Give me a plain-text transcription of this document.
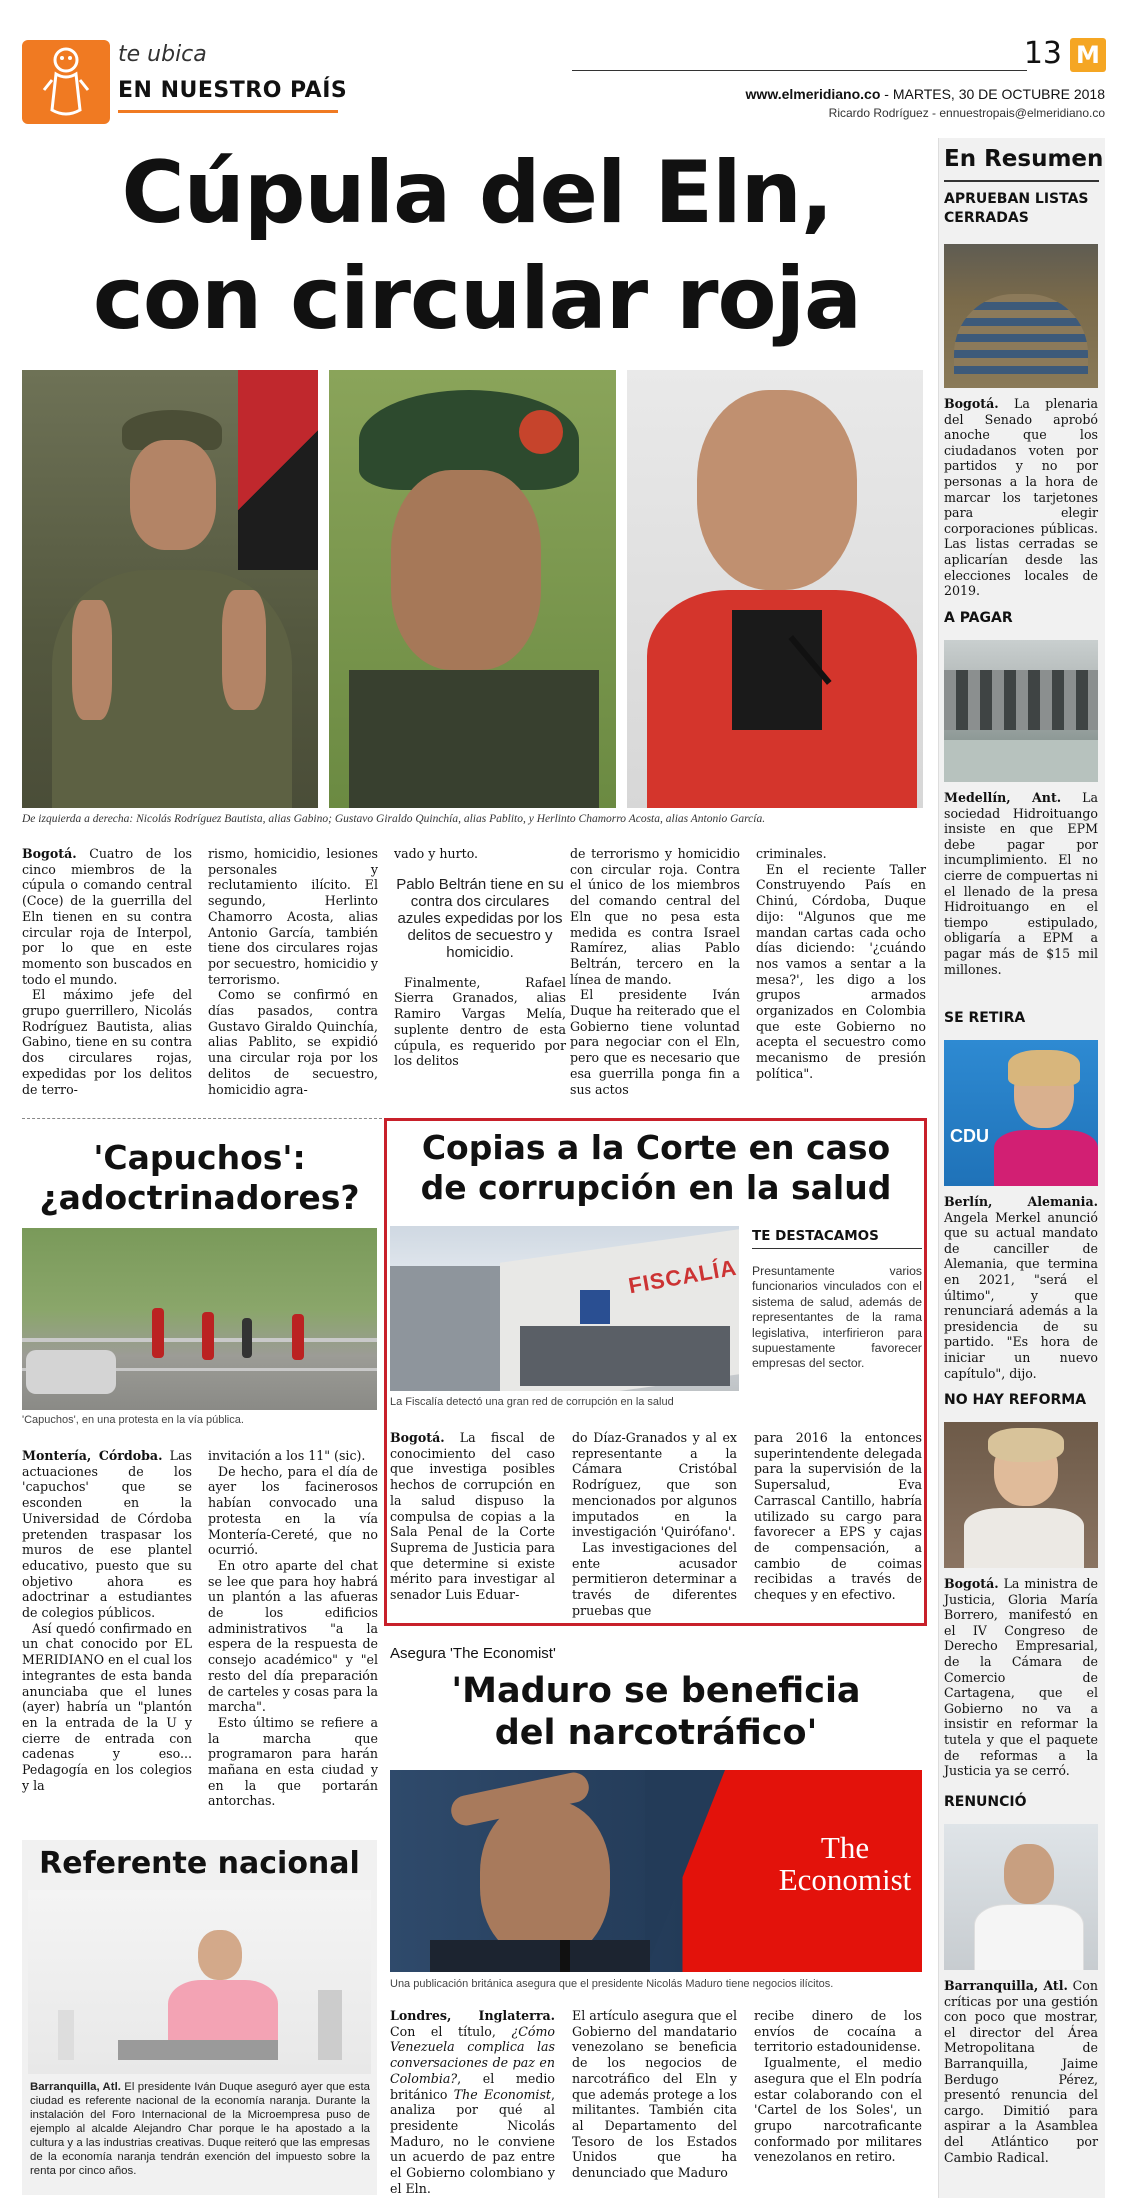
te ubica
EN NUESTRO PAÍS
13 M
www.elmeridiano.co - MARTES, 30 DE OCTUBRE 2018
Ricardo Rodríguez - ennuestropais@elmeridiano.co
Cúpula del Eln,
con circular roja
De izquierda a derecha: Nicolás Rodríguez Bautista, alias Gabino; Gustavo Giraldo Quinchía, alias Pablito, y Herlinto Chamorro Acosta, alias Antonio García.

Bogotá. Cuatro de los cinco miembros de la cúpula o comando central (Coce) de la guerrilla del Eln tienen en su contra circular roja de Interpol, por lo que en este momento son buscados en todo el mundo.

El máximo jefe del grupo guerrillero, Nicolás Rodríguez Bautista, alias Gabino, tiene en su contra dos circulares rojas, expedidas por los delitos de terro-

rismo, homicidio, lesiones personales y reclutamiento ilícito. El segundo, Herlinto Chamorro Acosta, alias Antonio García, también tiene dos circulares rojas por secuestro, homicidio y terrorismo.

Como se confirmó en días pasados, contra Gustavo Giraldo Quinchía, alias Pablito, se expidió una circular roja por los delitos de secuestro, homicidio agra-

vado y hurto.

Pablo Beltrán tiene en su contra dos circulares azules expedidas por los delitos de secuestro y homicidio.

Finalmente, Rafael Sierra Granados, alias Ramiro Vargas Melía, suplente dentro de esta cúpula, es requerido por los delitos

de terrorismo y homicidio con circular roja. Contra el único de los miembros del comando central del Eln que no pesa esta medida es contra Israel Ramírez, alias Pablo Beltrán, tercero en la línea de mando.

El presidente Iván Duque ha reiterado que el Gobierno tiene voluntad para negociar con el Eln, pero que es necesario que esa guerrilla ponga fin a sus actos

criminales.

En el reciente Taller Construyendo País en Chinú, Córdoba, Duque dijo: "Algunos que me mandan cartas cada ocho días diciendo: '¿cuándo nos vamos a sentar a la mesa?', les digo a los grupos armados organizados en Colombia que este Gobierno no acepta el secuestro como mecanismo de presión política".

'Capuchos':
¿adoctrinadores?
'Capuchos', en una protesta en la vía pública.

Montería, Córdoba. Las actuaciones de los 'capuchos' que se esconden en la Universidad de Córdoba pretenden traspasar los muros de ese plantel educativo, puesto que su objetivo ahora es adoctrinar a estudiantes de colegios públicos.

Así quedó confirmado en un chat conocido por EL MERIDIANO en el cual los integrantes de esta banda anunciaba que el lunes (ayer) habría un "plantón en la entrada de la U y cierre de entrada con cadenas y eso... Pedagogía en los colegios y la

invitación a los 11" (sic).

De hecho, para el día de ayer los facinerosos habían convocado una protesta en la vía Montería-Cereté, que no ocurrió.

En otro aparte del chat se lee que para hoy habrá un plantón a las afueras de los edificios administrativos "a la espera de la respuesta de consejo académico" y "el resto del día preparación de carteles y cosas para la marcha".

Esto último se refiere a la marcha que programaron para harán mañana en esta ciudad y en la que portarán antorchas.

Referente nacional
Barranquilla, Atl. El presidente Iván Duque aseguró ayer que esta ciudad es referente nacional de la economía naranja. Durante la instalación del Foro Internacional de la Microempresa puso de ejemplo al alcalde Alejandro Char porque le ha apostado a la cultura y a las industrias creativas. Duque reiteró que las empresas de la economía naranja tendrán exención del impuesto sobre la renta por cinco años.
Copias a la Corte en caso
de corrupción en la salud
FISCALÍA
La Fiscalía detectó una gran red de corrupción en la salud
TE DESTACAMOS
Presuntamente varios funcionarios vinculados con el sistema de salud, además de representantes de la rama legislativa, interfirieron para supuestamente favorecer empresas del sector.

Bogotá. La fiscal de conocimiento del caso que investiga posibles hechos de corrupción en la salud dispuso la compulsa de copias a la Sala Penal de la Corte Suprema de Justicia para que determine si existe mérito para investigar al senador Luis Eduar-

do Díaz-Granados y al ex representante a la Cámara Cristóbal Rodríguez, que son mencionados por algunos imputados en la investigación 'Quirófano'.

Las investigaciones del ente acusador permitieron determinar a través de diferentes pruebas que

para 2016 la entonces superintendente delegada para la supervisión de la Supersalud, Eva Carrascal Cantillo, habría utilizado su cargo para favorecer a EPS y cajas de compensación, a cambio de coimas recibidas a través de cheques y en efectivo.

Asegura 'The Economist'
'Maduro se beneficia
del narcotráfico'
The
Economist
Una publicación británica asegura que el presidente Nicolás Maduro tiene negocios ilícitos.

Londres, Inglaterra. Con el título, ¿Cómo Venezuela complica las conversaciones de paz en Colombia?, el medio británico The Economist, analiza por qué al presidente Nicolás Maduro, no le conviene un acuerdo de paz entre el Gobierno colombiano y el Eln.

El artículo asegura que el Gobierno del mandatario venezolano se beneficia de los negocios de narcotráfico del Eln y que además protege a los militantes. También cita al Departamento del Tesoro de los Estados Unidos que ha denunciado que Maduro

recibe dinero de los envíos de cocaína a territorio estadounidense.

Igualmente, el medio asegura que el Eln podría estar colaborando con el 'Cartel de los Soles', un grupo narcotraficante conformado por militares venezolanos en retiro.

En Resumen
APRUEBAN LISTAS CERRADAS
Bogotá. La plenaria del Senado aprobó anoche que los ciudadanos voten por partidos y no por personas a la hora de marcar los tarjetones para elegir corporaciones públicas. Las listas cerradas se aplicarían desde las elecciones locales de 2019.
A PAGAR
Medellín, Ant. La sociedad Hidroituango insiste en que EPM debe pagar por incumplimiento. El no cierre de compuertas ni el llenado de la presa Hidroituango en el tiempo estipulado, obligaría a EPM a pagar más de $15 mil millones.
SE RETIRA
CDU
Berlín, Alemania. Angela Merkel anunció que su actual mandato de canciller de Alemania, que termina en 2021, "será el último", y que renunciará además a la presidencia de su partido. "Es hora de iniciar un nuevo capítulo", dijo.
NO HAY REFORMA
Bogotá. La ministra de Justicia, Gloria María Borrero, manifestó en el IV Congreso de Derecho Empresarial, de la Cámara de Comercio de Cartagena, que el Gobierno no va a insistir en reformar la tutela y que el paquete de reformas a la Justicia ya se cerró.
RENUNCIÓ
Barranquilla, Atl. Con críticas por una gestión con poco que mostrar, el director del Área Metropolitana de Barranquilla, Jaime Berdugo Pérez, presentó renuncia del cargo. Dimitió para aspirar a la Asamblea del Atlántico por Cambio Radical.
